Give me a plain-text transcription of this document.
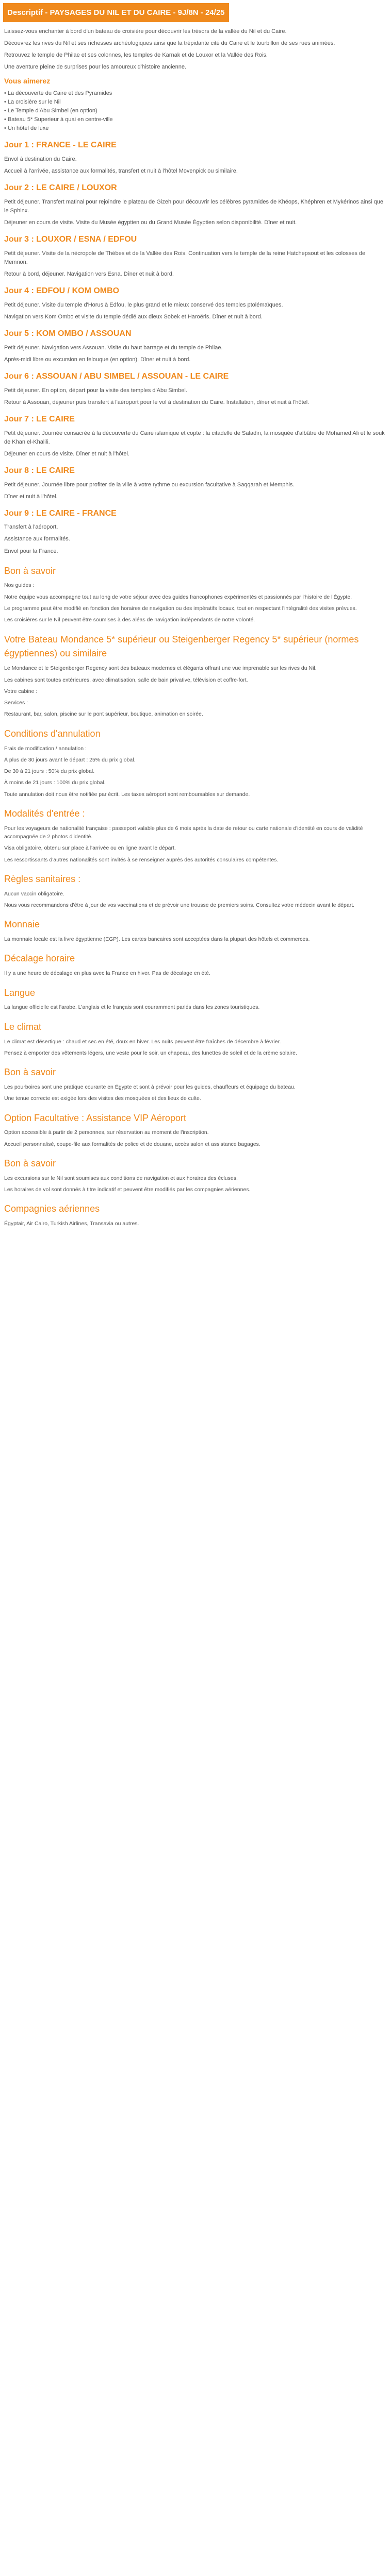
Descriptif - PAYSAGES DU NIL ET DU CAIRE - 9J/8N - 24/25

Laissez-vous enchanter à bord d'un bateau de croisière pour découvrir les trésors de la vallée du Nil et du Caire.

Découvrez les rives du Nil et ses richesses archéologiques ainsi que la trépidante cité du Caire et le tourbillon de ses rues animées.

Retrouvez le temple de Philae et ses colonnes, les temples de Karnak et de Louxor et la Vallée des Rois.

Une aventure pleine de surprises pour les amoureux d'histoire ancienne.

Vous aimerez
• La découverte du Caire et des Pyramides
• La croisière sur le Nil
• Le Temple d'Abu Simbel (en option)
• Bateau 5* Superieur à quai en centre-ville
• Un hôtel de luxe
Jour 1 : FRANCE - LE CAIRE

Envol à destination du Caire.

Accueil à l'arrivée, assistance aux formalités, transfert et nuit à l'hôtel Movenpick ou similaire.

Jour 2 : LE CAIRE / LOUXOR

Petit déjeuner. Transfert matinal pour rejoindre le plateau de Gizeh pour découvrir les célèbres pyramides de Khéops, Khéphren et Mykérinos ainsi que le Sphinx.

Déjeuner en cours de visite. Visite du Musée égyptien ou du Grand Musée Égyptien selon disponibilité. Dîner et nuit.

Jour 3 : LOUXOR / ESNA / EDFOU

Petit déjeuner. Visite de la nécropole de Thèbes et de la Vallée des Rois. Continuation vers le temple de la reine Hatchepsout et les colosses de Memnon.

Retour à bord, déjeuner. Navigation vers Esna. Dîner et nuit à bord.

Jour 4 : EDFOU / KOM OMBO

Petit déjeuner. Visite du temple d'Horus à Edfou, le plus grand et le mieux conservé des temples ptolémaïques.

Navigation vers Kom Ombo et visite du temple dédié aux dieux Sobek et Haroëris. Dîner et nuit à bord.

Jour 5 : KOM OMBO / ASSOUAN

Petit déjeuner. Navigation vers Assouan. Visite du haut barrage et du temple de Philae.

Après-midi libre ou excursion en felouque (en option). Dîner et nuit à bord.

Jour 6 : ASSOUAN / ABU SIMBEL / ASSOUAN - LE CAIRE

Petit déjeuner. En option, départ pour la visite des temples d'Abu Simbel.

Retour à Assouan, déjeuner puis transfert à l'aéroport pour le vol à destination du Caire. Installation, dîner et nuit à l'hôtel.

Jour 7 : LE CAIRE

Petit déjeuner. Journée consacrée à la découverte du Caire islamique et copte : la citadelle de Saladin, la mosquée d'albâtre de Mohamed Ali et le souk de Khan el-Khalili.

Déjeuner en cours de visite. Dîner et nuit à l'hôtel.

Jour 8 : LE CAIRE

Petit déjeuner. Journée libre pour profiter de la ville à votre rythme ou excursion facultative à Saqqarah et Memphis.

Dîner et nuit à l'hôtel.

Jour 9 : LE CAIRE - FRANCE

Transfert à l'aéroport.

Assistance aux formalités.

Envol pour la France.

Bon à savoir

Nos guides :

Notre équipe vous accompagne tout au long de votre séjour avec des guides francophones expérimentés et passionnés par l'histoire de l'Égypte.

Le programme peut être modifié en fonction des horaires de navigation ou des impératifs locaux, tout en respectant l'intégralité des visites prévues.

Les croisières sur le Nil peuvent être soumises à des aléas de navigation indépendants de notre volonté.

Votre Bateau Mondance 5* supérieur ou Steigenberger Regency 5* supérieur (normes égyptiennes) ou similaire

Le Mondance et le Steigenberger Regency sont des bateaux modernes et élégants offrant une vue imprenable sur les rives du Nil.

Les cabines sont toutes extérieures, avec climatisation, salle de bain privative, télévision et coffre-fort.

Votre cabine :

Services :

Restaurant, bar, salon, piscine sur le pont supérieur, boutique, animation en soirée.

Conditions d'annulation

Frais de modification / annulation :

À plus de 30 jours avant le départ : 25% du prix global.

De 30 à 21 jours : 50% du prix global.

À moins de 21 jours : 100% du prix global.

Toute annulation doit nous être notifiée par écrit. Les taxes aéroport sont remboursables sur demande.

Modalités d'entrée :

Pour les voyageurs de nationalité française : passeport valable plus de 6 mois après la date de retour ou carte nationale d'identité en cours de validité accompagnée de 2 photos d'identité.

Visa obligatoire, obtenu sur place à l'arrivée ou en ligne avant le départ.

Les ressortissants d'autres nationalités sont invités à se renseigner auprès des autorités consulaires compétentes.

Règles sanitaires :

Aucun vaccin obligatoire.

Nous vous recommandons d'être à jour de vos vaccinations et de prévoir une trousse de premiers soins. Consultez votre médecin avant le départ.

Monnaie

La monnaie locale est la livre égyptienne (EGP). Les cartes bancaires sont acceptées dans la plupart des hôtels et commerces.

Décalage horaire

Il y a une heure de décalage en plus avec la France en hiver. Pas de décalage en été.

Langue

La langue officielle est l'arabe. L'anglais et le français sont couramment parlés dans les zones touristiques.

Le climat

Le climat est désertique : chaud et sec en été, doux en hiver. Les nuits peuvent être fraîches de décembre à février.

Pensez à emporter des vêtements légers, une veste pour le soir, un chapeau, des lunettes de soleil et de la crème solaire.

Bon à savoir

Les pourboires sont une pratique courante en Égypte et sont à prévoir pour les guides, chauffeurs et équipage du bateau.

Une tenue correcte est exigée lors des visites des mosquées et des lieux de culte.

Option Facultative : Assistance VIP Aéroport

Option accessible à partir de 2 personnes, sur réservation au moment de l'inscription.

Accueil personnalisé, coupe-file aux formalités de police et de douane, accès salon et assistance bagages.

Bon à savoir

Les excursions sur le Nil sont soumises aux conditions de navigation et aux horaires des écluses.

Les horaires de vol sont donnés à titre indicatif et peuvent être modifiés par les compagnies aériennes.

Compagnies aériennes

Égyptair, Air Cairo, Turkish Airlines, Transavia ou autres.
